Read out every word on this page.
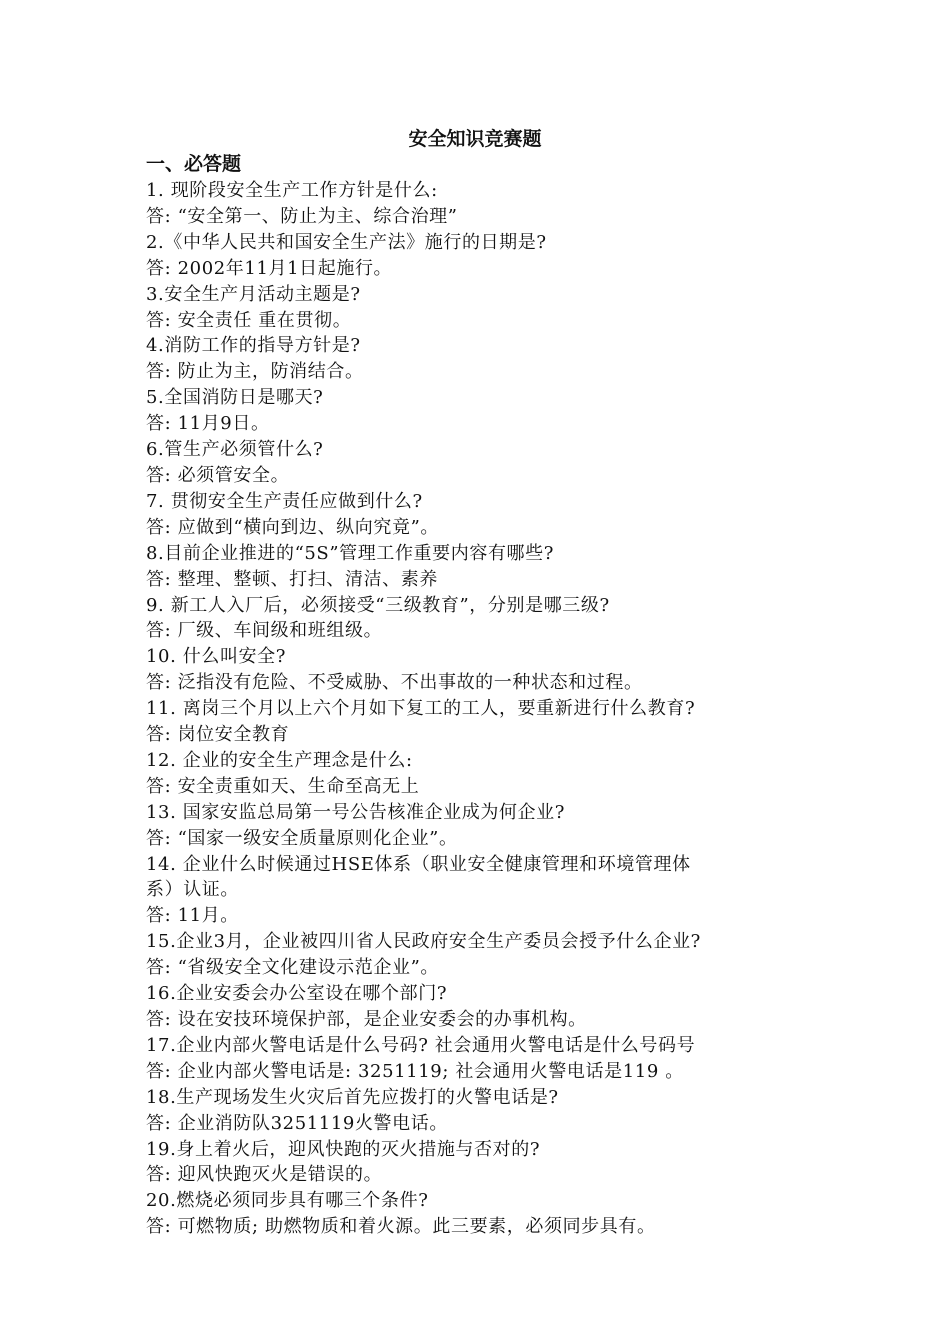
安全知识竞赛题
一、必答题
1. 现阶段安全生产工作方针是什么:
答: “安全第一、防止为主、综合治理”
2.《中华人民共和国安全生产法》施行的日期是?
答: 2002年11月1日起施行。
3.安全生产月活动主题是?
答: 安全责任 重在贯彻。
4.消防工作的指导方针是?
答: 防止为主，防消结合。
5.全国消防日是哪天?
答: 11月9日。
6.管生产必须管什么?
答: 必须管安全。
7. 贯彻安全生产责任应做到什么?
答: 应做到“横向到边、纵向究竟”。
8.目前企业推进的“5S”管理工作重要内容有哪些?
答: 整理、整顿、打扫、清洁、素养
9. 新工人入厂后，必须接受“三级教育”，分别是哪三级?
答: 厂级、车间级和班组级。
10. 什么叫安全?
答: 泛指没有危险、不受威胁、不出事故的一种状态和过程。
11. 离岗三个月以上六个月如下复工的工人，要重新进行什么教育?
答: 岗位安全教育
12. 企业的安全生产理念是什么:
答: 安全责重如天、生命至高无上
13. 国家安监总局第一号公告核准企业成为何企业?
答: “国家一级安全质量原则化企业”。
14. 企业什么时候通过HSE体系（职业安全健康管理和环境管理体
系）认证。
答: 11月。
15.企业3月，企业被四川省人民政府安全生产委员会授予什么企业?
答: “省级安全文化建设示范企业”。
16.企业安委会办公室设在哪个部门?
答: 设在安技环境保护部，是企业安委会的办事机构。
17.企业内部火警电话是什么号码? 社会通用火警电话是什么号码号
答: 企业内部火警电话是: 3251119; 社会通用火警电话是119 。
18.生产现场发生火灾后首先应拨打的火警电话是?
答: 企业消防队3251119火警电话。
19.身上着火后，迎风快跑的灭火措施与否对的?
答: 迎风快跑灭火是错误的。
20.燃烧必须同步具有哪三个条件?
答: 可燃物质; 助燃物质和着火源。此三要素，必须同步具有。
